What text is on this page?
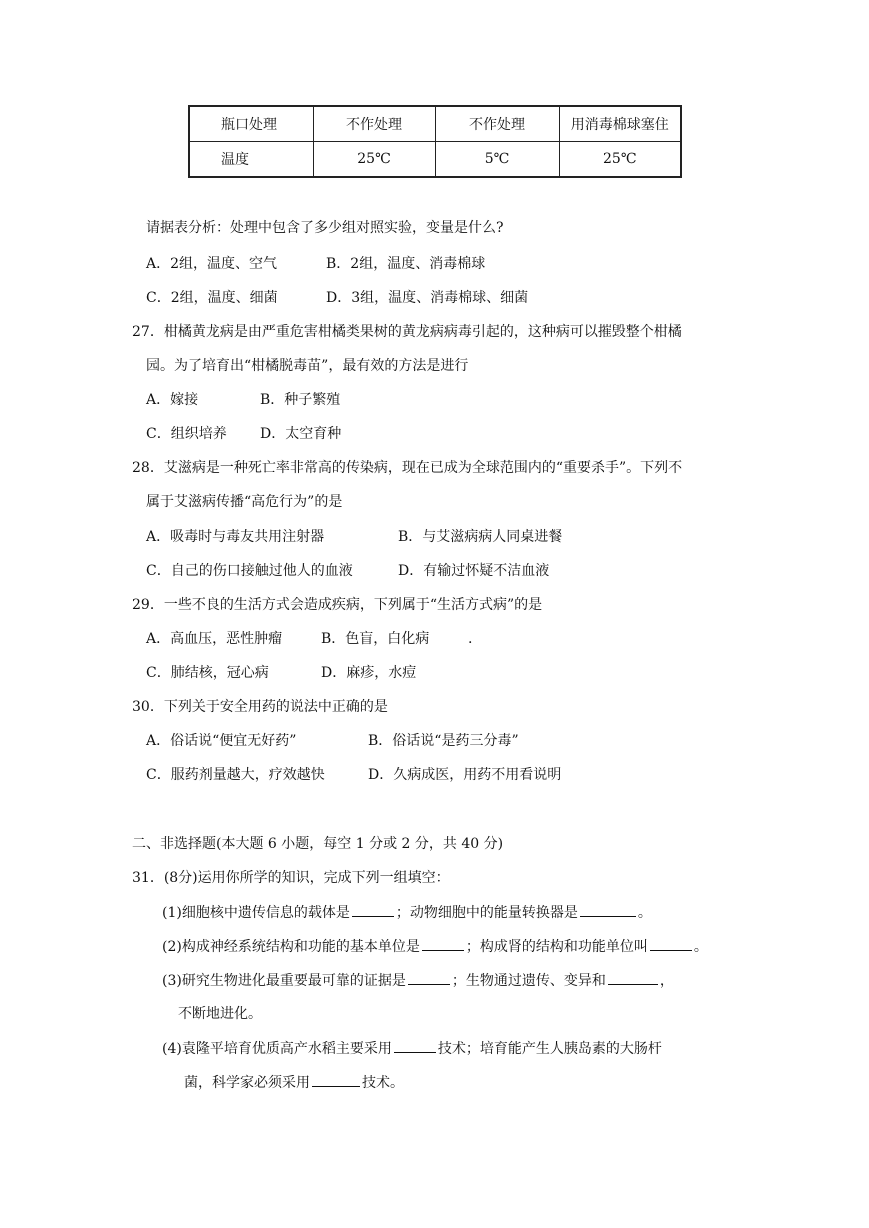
瓶口处理	不作处理	不作处理	用消毒棉球塞住
温度	25℃	5℃	25℃
请据表分析：处理中包含了多少组对照实验，变量是什么?
A．2组，温度、空气	B．2组，温度、消毒棉球
C．2组，温度、细菌	D．3组，温度、消毒棉球、细菌
27．柑橘黄龙病是由严重危害柑橘类果树的黄龙病病毒引起的，这种病可以摧毁整个柑橘
园。为了培育出“柑橘脱毒苗”，最有效的方法是进行
A．嫁接	B．种子繁殖
C．组织培养 D．太空育种
28．艾滋病是一种死亡率非常高的传染病，现在已成为全球范围内的“重要杀手”。下列不
属于艾滋病传播“高危行为”的是
A．吸毒时与毒友共用注射器	B．与艾滋病病人同桌进餐
C．自己的伤口接触过他人的血液	D．有输过怀疑不洁血液
29．一些不良的生活方式会造成疾病，下列属于“生活方式病”的是
A．高血压，恶性肿瘤	B．色盲，白化病	.
C．肺结核，冠心病	D．麻疹，水痘
30．下列关于安全用药的说法中正确的是
A．俗话说“便宜无好药”	B．俗话说“是药三分毒”
C．服药剂量越大，疗效越快	D．久病成医，用药不用看说明
二、非选择题(本大题 6 小题，每空 1 分或 2 分，共 40 分)
31．(8分)运用你所学的知识，完成下列一组填空：
(1)细胞核中遗传信息的载体是	；动物细胞中的能量转换器是	。
(2)构成神经系统结构和功能的基本单位是	；构成肾的结构和功能单位叫	。
(3)研究生物进化最重要最可靠的证据是	；生物通过遗传、变异和	，
不断地进化。
(4)袁隆平培育优质高产水稻主要采用	技术；培育能产生人胰岛素的大肠杆
菌，科学家必须采用	技术。
